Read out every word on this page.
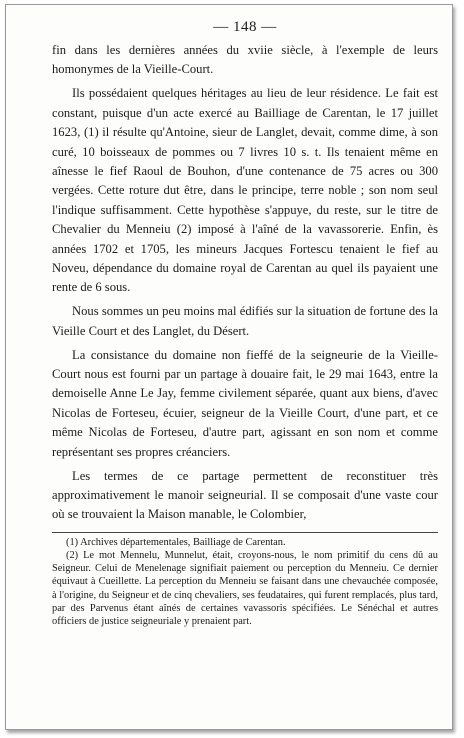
— 148 —

fin dans les dernières années du xviie siècle, à l'exemple de leurs homonymes de la Vieille-Court.

Ils possédaient quelques héritages au lieu de leur résidence. Le fait est constant, puisque d'un acte exercé au Bailliage de Carentan, le 17 juillet 1623, (1) il résulte qu'Antoine, sieur de Langlet, devait, comme dime, à son curé, 10 boisseaux de pommes ou 7 livres 10 s. t. Ils tenaient même en aînesse le fief Raoul de Bouhon, d'une contenance de 75 acres ou 300 vergées. Cette roture dut être, dans le principe, terre noble ; son nom seul l'indique suffisamment. Cette hypothèse s'appuye, du reste, sur le titre de Chevalier du Menneiu (2) imposé à l'aîné de la vavassorerie. Enfin, ès années 1702 et 1705, les mineurs Jacques Fortescu tenaient le fief au Noveu, dépendance du domaine royal de Carentan au quel ils payaient une rente de 6 sous.

Nous sommes un peu moins mal édifiés sur la situation de fortune des la Vieille Court et des Langlet, du Désert.

La consistance du domaine non fieffé de la seigneurie de la Vieille-Court nous est fourni par un partage à douaire fait, le 29 mai 1643, entre la demoiselle Anne Le Jay, femme civilement séparée, quant aux biens, d'avec Nicolas de Forteseu, écuier, seigneur de la Vieille Court, d'une part, et ce même Nicolas de Forteseu, d'autre part, agissant en son nom et comme représentant ses propres créanciers.

Les termes de ce partage permettent de reconstituer très approximativement le manoir seigneurial. Il se composait d'une vaste cour où se trouvaient la Maison manable, le Colombier,

(1) Archives départementales, Bailliage de Carentan.

(2) Le mot Mennelu, Munnelut, était, croyons-nous, le nom primitif du cens dû au Seigneur. Celui de Menelenage signifiait paiement ou perception du Menneiu. Ce dernier équivaut à Cueillette. La perception du Menneiu se faisant dans une chevauchée composée, à l'origine, du Seigneur et de cinq chevaliers, ses feudataires, qui furent remplacés, plus tard, par des Parvenus étant aînés de certaines vavassoris spécifiées. Le Sénéchal et autres officiers de justice seigneuriale y prenaient part.
